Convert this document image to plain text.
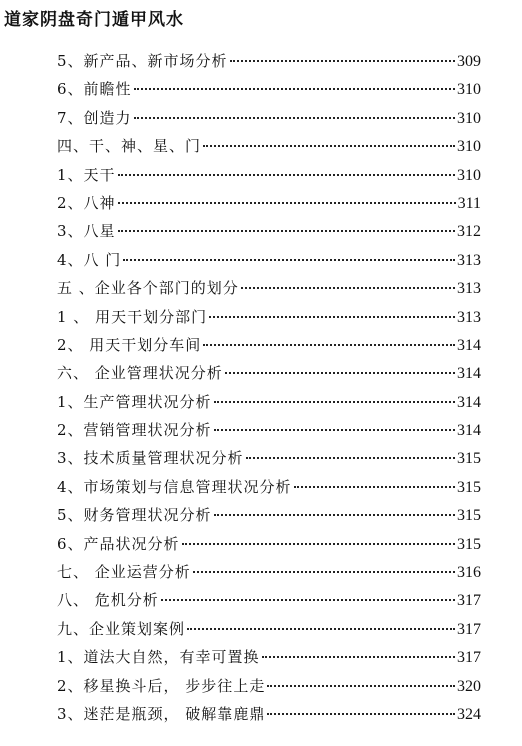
道家阴盘奇门遁甲风水
5、新产品、新市场分析	309
6、前瞻性	310
7、创造力	310
四、干、神、星、门	310
1、天干	310
2、八神	311
3、八星	312
4、八 门	313
五 、企业各个部门的划分	313
1 、 用天干划分部门	313
2、 用天干划分车间	314
六、 企业管理状况分析	314
1、生产管理状况分析	314
2、营销管理状况分析	314
3、技术质量管理状况分析	315
4、市场策划与信息管理状况分析	315
5、财务管理状况分析	315
6、产品状况分析	315
七、 企业运营分析	316
八、 危机分析	317
九、企业策划案例	317
1、道法大自然，有幸可置换	317
2、移星换斗后， 步步往上走	320
3、迷茫是瓶颈， 破解靠鹿鼎	324
